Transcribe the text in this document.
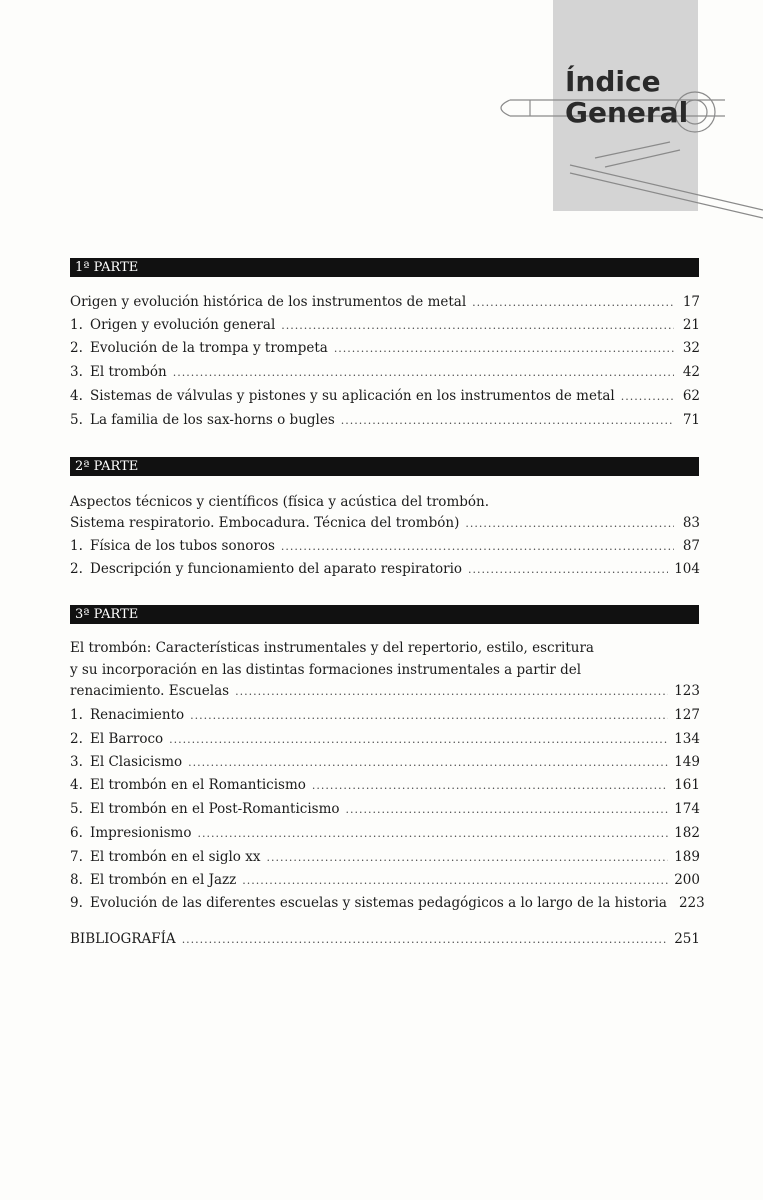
Índice
General
1ª PARTE
Origen y evolución histórica de los instrumentos de metal .....	17
1. Origen y evolución general .....	21
2. Evolución de la trompa y trompeta .....	32
3. El trombón .....	42
4. Sistemas de válvulas y pistones y su aplicación en los instrumentos de metal .....	62
5. La familia de los sax-horns o bugles .....	71
2ª PARTE
Aspectos técnicos y científicos (física y acústica del trombón.
Sistema respiratorio. Embocadura. Técnica del trombón) .....	83
1. Física de los tubos sonoros .....	87
2. Descripción y funcionamiento del aparato respiratorio .....	104
3ª PARTE
El trombón: Características instrumentales y del repertorio, estilo, escritura
y su incorporación en las distintas formaciones instrumentales a partir del
renacimiento. Escuelas .....	123
1. Renacimiento .....	127
2. El Barroco .....	134
3. El Clasicismo .....	149
4. El trombón en el Romanticismo .....	161
5. El trombón en el Post-Romanticismo .....	174
6. Impresionismo .....	182
7. El trombón en el siglo xx .....	189
8. El trombón en el Jazz .....	200
9. Evolución de las diferentes escuelas y sistemas pedagógicos a lo largo de la historia 223
BIBLIOGRAFÍA .....	251
